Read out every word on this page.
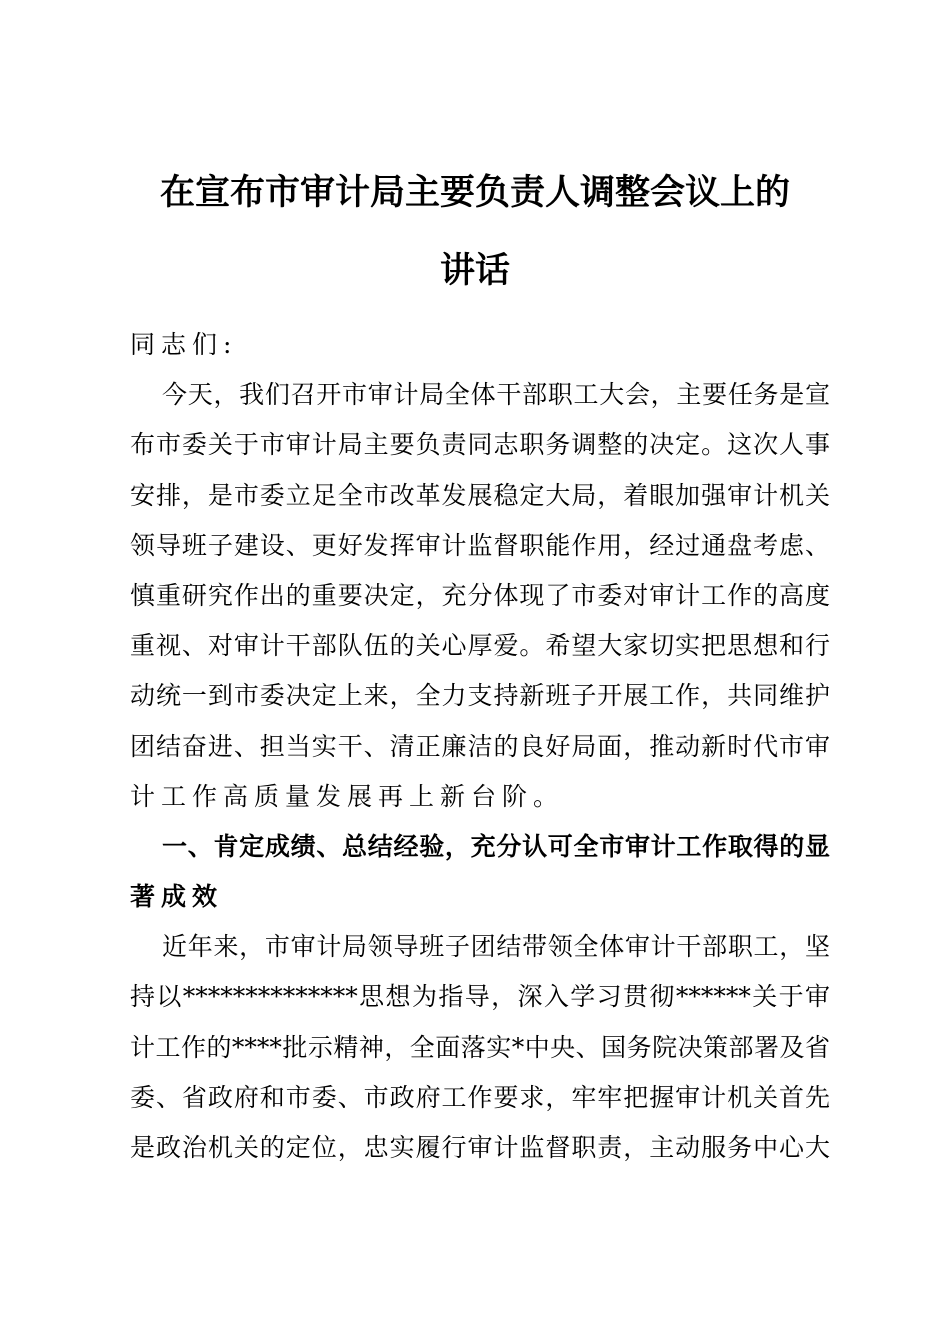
在宣布市审计局主要负责人调整会议上的
讲话
同志们:
今天，我们召开市审计局全体干部职工大会，主要任务是宣
布市委关于市审计局主要负责同志职务调整的决定。这次人事
安排，是市委立足全市改革发展稳定大局，着眼加强审计机关
领导班子建设、更好发挥审计监督职能作用，经过通盘考虑、
慎重研究作出的重要决定，充分体现了市委对审计工作的高度
重视、对审计干部队伍的关心厚爱。希望大家切实把思想和行
动统一到市委决定上来，全力支持新班子开展工作，共同维护
团结奋进、担当实干、清正廉洁的良好局面，推动新时代市审
计工作高质量发展再上新台阶。
一、肯定成绩、总结经验，充分认可全市审计工作取得的显
著成效
近年来，市审计局领导班子团结带领全体审计干部职工，坚
持以**************思想为指导，深入学习贯彻******关于审
计工作的****批示精神，全面落实*中央、国务院决策部署及省
委、省政府和市委、市政府工作要求，牢牢把握审计机关首先
是政治机关的定位，忠实履行审计监督职责，主动服务中心大
